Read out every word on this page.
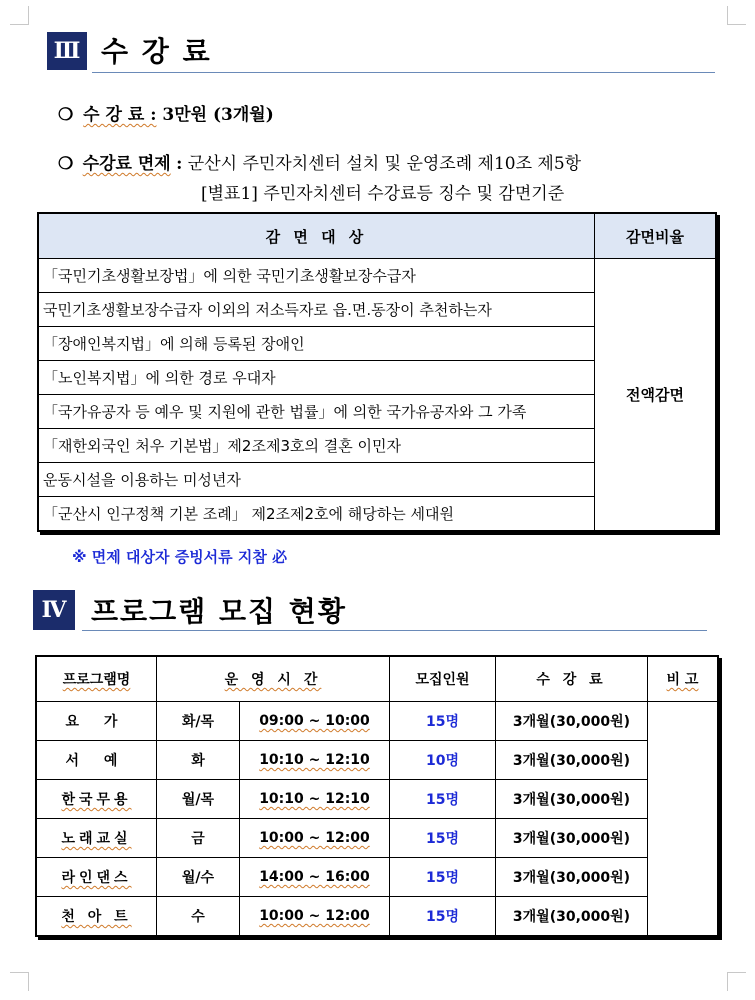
Ⅲ 수 강 료
❍ 수 강 료 : 3만원 (3개월)
❍ 수강료 면제 : 군산시 주민자치센터 설치 및 운영조례 제10조 제5항
[별표1] 주민자치센터 수강료등 징수 및 감면기준
감 면 대 상	감면비율
「국민기초생활보장법」에 의한 국민기초생활보장수급자	전액감면
국민기초생활보장수급자 이외의 저소득자로 읍.면.동장이 추천하는자	
「장애인복지법」에 의해 등록된 장애인	
「노인복지법」에 의한 경로 우대자	
「국가유공자 등 예우 및 지원에 관한 법률」에 의한 국가유공자와 그 가족	
「재한외국인 처우 기본법」제2조제3호의 결혼 이민자	
운동시설을 이용하는 미성년자	
「군산시 인구정책 기본 조례」 제2조제2호에 해당하는 세대원	
※ 면제 대상자 증빙서류 지참 必
Ⅳ 프로그램 모집 현황
프로그램명	운 영 시 간		모집인원	수 강 료	비 고
요 가	화/목	09:00 ~ 10:00	15명	3개월(30,000원)	
서 예	화	10:10 ~ 12:10	10명	3개월(30,000원)	
한국무용	월/목	10:10 ~ 12:10	15명	3개월(30,000원)	
노래교실	금	10:00 ~ 12:00	15명	3개월(30,000원)	
라인댄스	월/수	14:00 ~ 16:00	15명	3개월(30,000원)	
천 아 트	수	10:00 ~ 12:00	15명	3개월(30,000원)	
